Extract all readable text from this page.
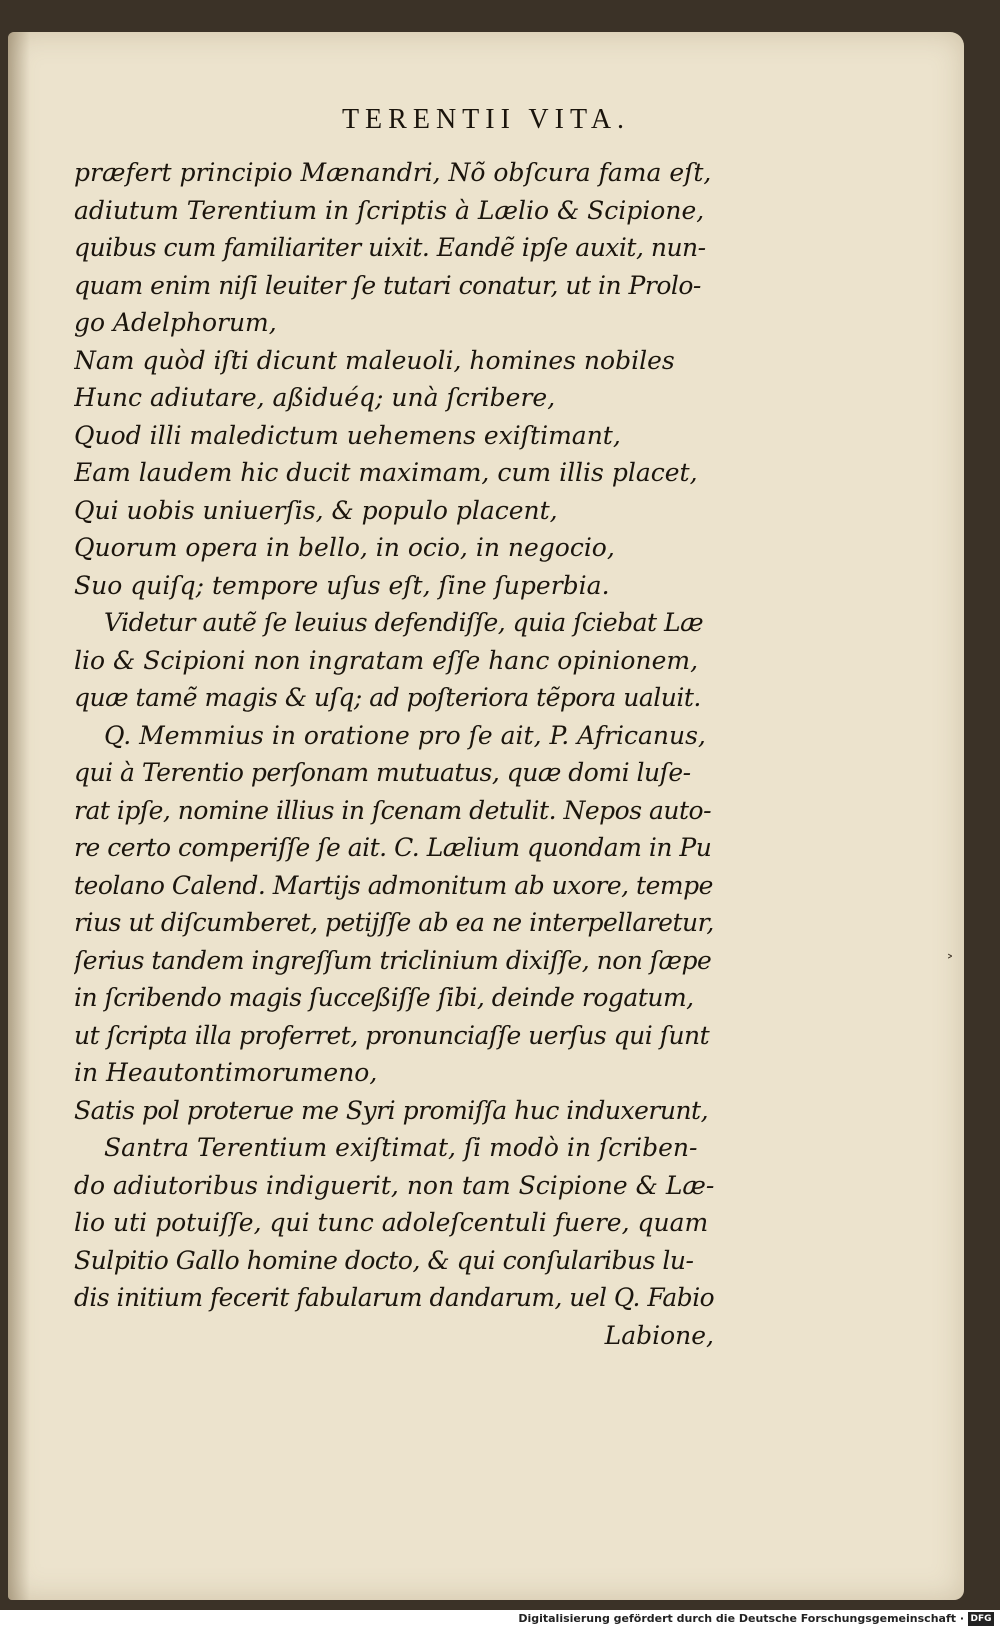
TERENTII VITA.
præfert principio Mænandri, Nõ obſcura fama eſt,
adiutum Terentium in ſcriptis à Lælio & Scipione,
quibus cum familiariter uixit. Eandẽ ipſe auxit, nun-
quam enim niſi leuiter ſe tutari conatur, ut in Prolo-
go Adelphorum,
Nam quòd iſti dicunt maleuoli, homines nobiles
Hunc adiutare, aßiduéq; unà ſcribere,
Quod illi maledictum uehemens exiſtimant,
Eam laudem hic ducit maximam, cum illis placet,
Qui uobis uniuerſis, & populo placent,
Quorum opera in bello, in ocio, in negocio,
Suo quiſq; tempore uſus eſt, ſine ſuperbia.
Videtur autẽ ſe leuius defendiſſe, quia ſciebat Læ
lio & Scipioni non ingratam eſſe hanc opinionem,
quæ tamẽ magis & uſq; ad poſteriora tẽpora ualuit.
Q. Memmius in oratione pro ſe ait, P. Africanus,
qui à Terentio perſonam mutuatus, quæ domi luſe-
rat ipſe, nomine illius in ſcenam detulit. Nepos auto-
re certo comperiſſe ſe ait. C. Lælium quondam in Pu
teolano Calend. Martijs admonitum ab uxore, tempe
rius ut diſcumberet, petijſſe ab ea ne interpellaretur,
ſerius tandem ingreſſum triclinium dixiſſe, non ſæpe
in ſcribendo magis ſucceßiſſe ſibi, deinde rogatum,
ut ſcripta illa proferret, pronunciaſſe uerſus qui ſunt
in Heautontimorumeno,
Satis pol proterue me Syri promiſſa huc induxerunt,
Santra Terentium exiſtimat, ſi modò in ſcriben-
do adiutoribus indiguerit, non tam Scipione & Læ-
lio uti potuiſſe, qui tunc adoleſcentuli fuere, quam
Sulpitio Gallo homine docto, & qui conſularibus lu-
dis initium fecerit fabularum dandarum, uel Q. Fabio
Labione,
˃
Digitalisierung gefördert durch die Deutsche Forschungsgemeinschaft · DFG
